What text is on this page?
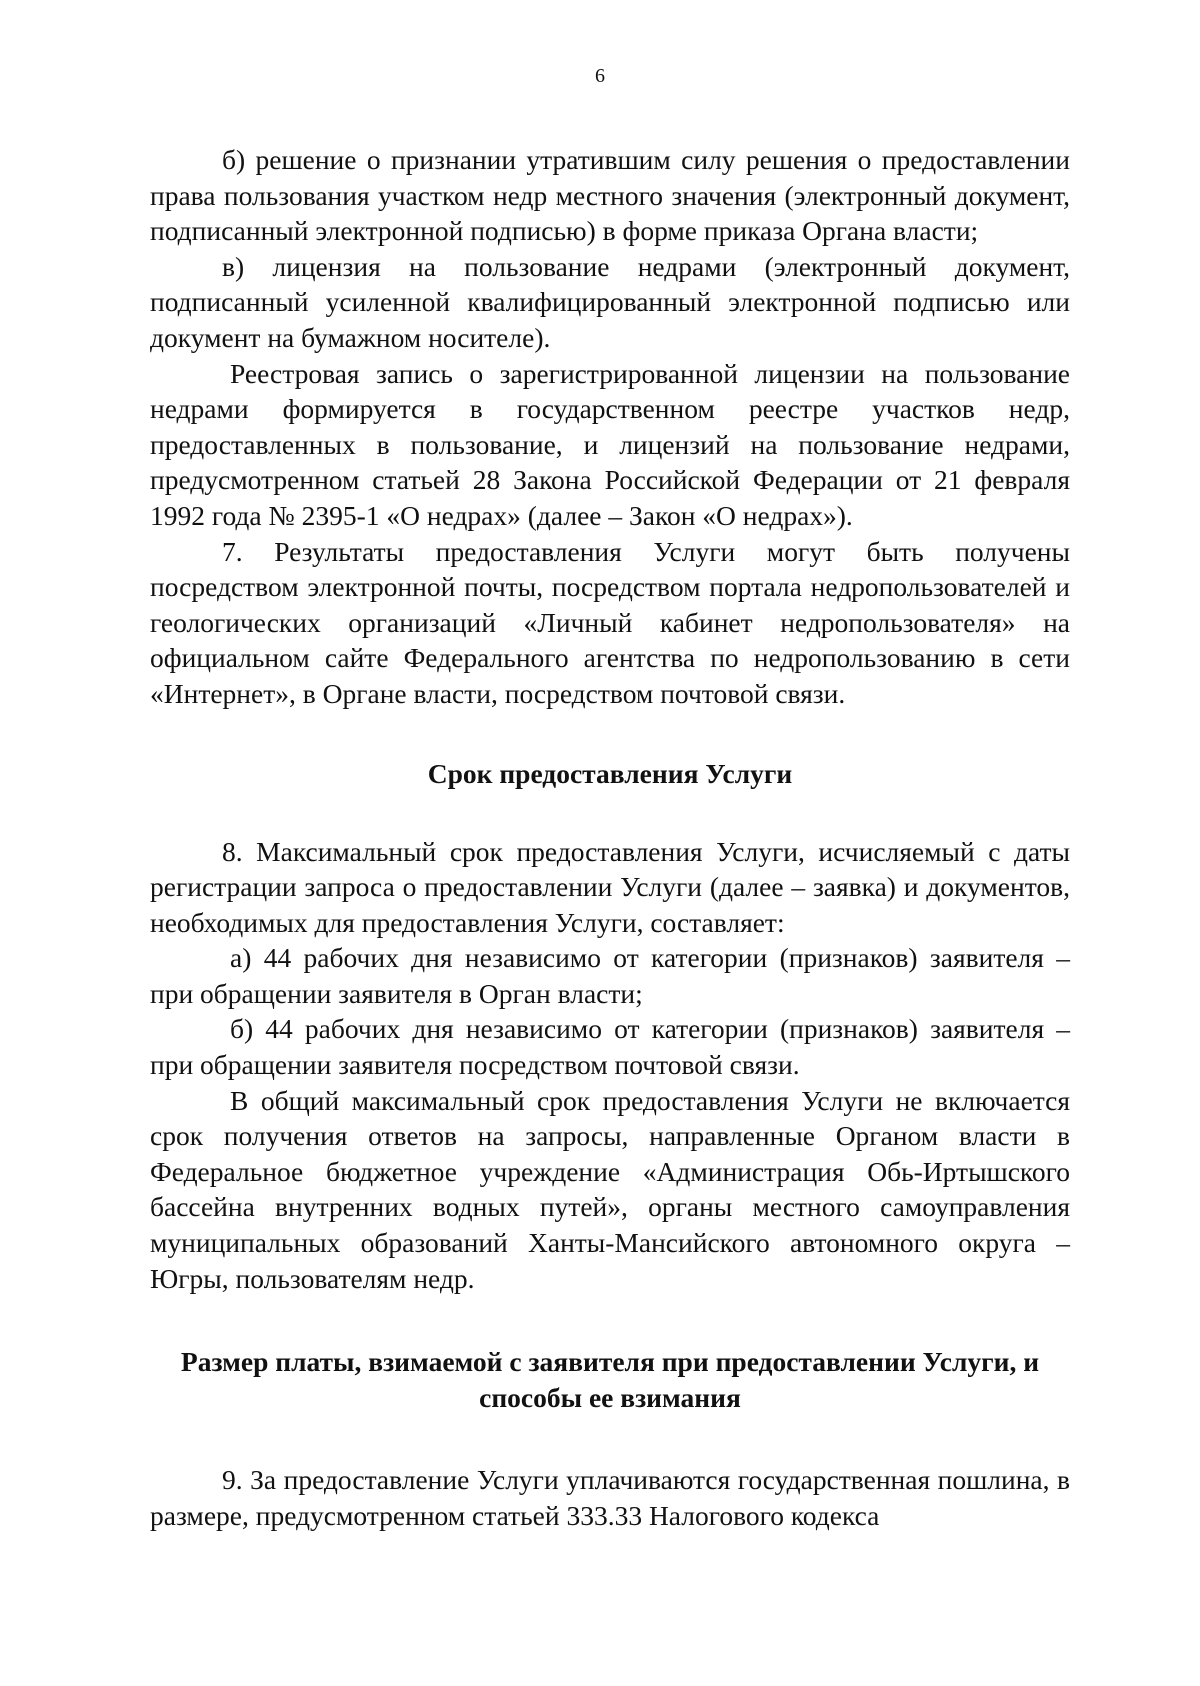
6

б) решение о признании утратившим силу решения о предоставлении права пользования участком недр местного значения (электронный документ, подписанный электронной подписью) в форме приказа Органа власти;

в) лицензия на пользование недрами (электронный документ, подписанный усиленной квалифицированный электронной подписью или документ на бумажном носителе).

Реестровая запись о зарегистрированной лицензии на пользование недрами формируется в государственном реестре участков недр, предоставленных в пользование, и лицензий на пользование недрами, предусмотренном статьей 28 Закона Российской Федерации от 21 февраля 1992 года № 2395-1 «О недрах» (далее – Закон «О недрах»).

7. Результаты предоставления Услуги могут быть получены посредством электронной почты, посредством портала недропользователей и геологических организаций «Личный кабинет недропользователя» на официальном сайте Федерального агентства по недропользованию в сети «Интернет», в Органе власти, посредством почтовой связи.

Срок предоставления Услуги

8. Максимальный срок предоставления Услуги, исчисляемый с даты регистрации запроса о предоставлении Услуги (далее – заявка) и документов, необходимых для предоставления Услуги, составляет:

а) 44 рабочих дня независимо от категории (признаков) заявителя – при обращении заявителя в Орган власти;

б) 44 рабочих дня независимо от категории (признаков) заявителя – при обращении заявителя посредством почтовой связи.

В общий максимальный срок предоставления Услуги не включается срок получения ответов на запросы, направленные Органом власти в Федеральное бюджетное учреждение «Администрация Обь-Иртышского бассейна внутренних водных путей», органы местного самоуправления муниципальных образований Ханты-Мансийского автономного округа – Югры, пользователям недр.

Размер платы, взимаемой с заявителя при предоставлении Услуги, и
способы ее взимания

9. За предоставление Услуги уплачиваются государственная пошлина, в размере, предусмотренном статьей 333.33 Налогового кодекса
